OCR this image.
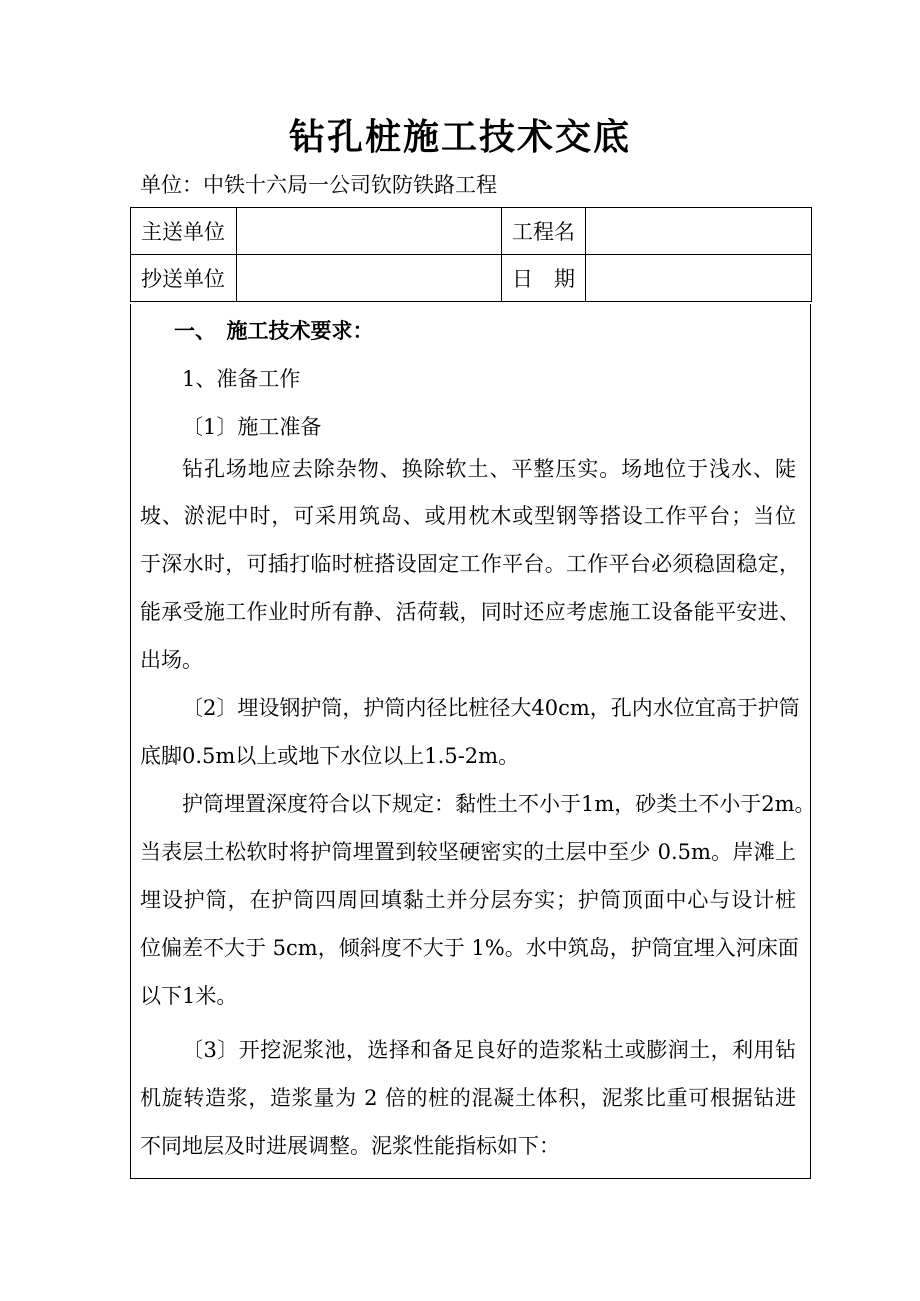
钻孔桩施工技术交底
单位：中铁十六局一公司钦防铁路工程
主送单位		工程名	
抄送单位		日　期	
一、　施工技术要求：
1、准备工作
〔1〕施工准备
钻孔场地应去除杂物、换除软土、平整压实。场地位于浅水、陡
坡、淤泥中时，可采用筑岛、或用枕木或型钢等搭设工作平台；当位
于深水时，可插打临时桩搭设固定工作平台。工作平台必须稳固稳定，
能承受施工作业时所有静、活荷载，同时还应考虑施工设备能平安进、
出场。
〔2〕埋设钢护筒，护筒内径比桩径大40cm，孔内水位宜高于护筒
底脚0.5m以上或地下水位以上1.5-2m。
护筒埋置深度符合以下规定：黏性土不小于1m，砂类土不小于2m。
当表层土松软时将护筒埋置到较坚硬密实的土层中至少 0.5m。岸滩上
埋设护筒，在护筒四周回填黏土并分层夯实；护筒顶面中心与设计桩
位偏差不大于 5cm，倾斜度不大于 1%。水中筑岛，护筒宜埋入河床面
以下1米。
〔3〕开挖泥浆池，选择和备足良好的造浆粘土或膨润土，利用钻
机旋转造浆，造浆量为 2 倍的桩的混凝土体积，泥浆比重可根据钻进
不同地层及时进展调整。泥浆性能指标如下：
